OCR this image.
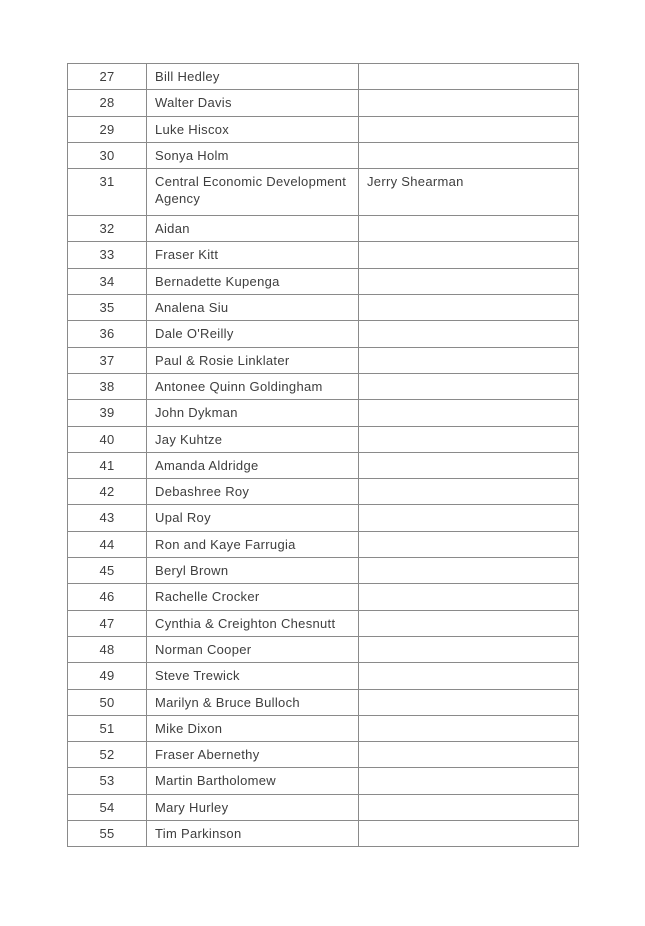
27	Bill Hedley	
28	Walter Davis	
29	Luke Hiscox	
30	Sonya Holm	
31	Central Economic Development Agency	Jerry Shearman
32	Aidan	
33	Fraser Kitt	
34	Bernadette Kupenga	
35	Analena Siu	
36	Dale O'Reilly	
37	Paul & Rosie Linklater	
38	Antonee Quinn Goldingham	
39	John Dykman	
40	Jay Kuhtze	
41	Amanda Aldridge	
42	Debashree Roy	
43	Upal Roy	
44	Ron and Kaye Farrugia	
45	Beryl Brown	
46	Rachelle Crocker	
47	Cynthia & Creighton Chesnutt	
48	Norman Cooper	
49	Steve Trewick	
50	Marilyn & Bruce Bulloch	
51	Mike Dixon	
52	Fraser Abernethy	
53	Martin Bartholomew	
54	Mary Hurley	
55	Tim Parkinson	
